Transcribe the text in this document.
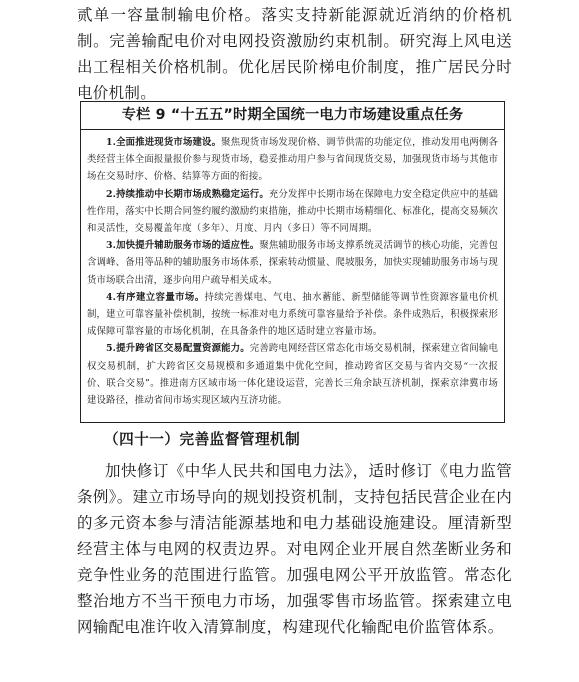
贰单一容量制输电价格。落实支持新能源就近消纳的价格机制。完善输配电价对电网投资激励约束机制。研究海上风电送出工程相关价格机制。优化居民阶梯电价制度，推广居民分时电价机制。

专栏 9 “十五五”时期全国统一电力市场建设重点任务

1.全面推进现货市场建设。聚焦现货市场发现价格、调节供需的功能定位，推动发用电两侧各类经营主体全面报量报价参与现货市场，稳妥推动用户参与省间现货交易，加强现货市场与其他市场在交易时序、价格、结算等方面的衔接。

2.持续推动中长期市场成熟稳定运行。充分发挥中长期市场在保障电力安全稳定供应中的基础性作用，落实中长期合同签约履约激励约束措施，推动中长期市场精细化、标准化，提高交易频次和灵活性，交易覆盖年度（多年）、月度、月内（多日）等不同周期。

3.加快提升辅助服务市场的适应性。聚焦辅助服务市场支撑系统灵活调节的核心功能，完善包含调峰、备用等品种的辅助服务市场体系，探索转动惯量、爬坡服务，加快实现辅助服务市场与现货市场联合出清，逐步向用户疏导相关成本。

4.有序建立容量市场。持续完善煤电、气电、抽水蓄能、新型储能等调节性资源容量电价机制，建立可靠容量补偿机制，按统一标准对电力系统可靠容量给予补偿。条件成熟后，积极探索形成保障可靠容量的市场化机制，在具备条件的地区适时建立容量市场。

5.提升跨省区交易配置资源能力。完善跨电网经营区常态化市场交易机制，探索建立省间输电权交易机制，扩大跨省区交易规模和多通道集中优化空间，推动跨省区交易与省内交易“一次报价、联合交易”。推进南方区域市场一体化建设运营，完善长三角余缺互济机制，探索京津冀市场建设路径，推动省间市场实现区域内互济功能。

（四十一）完善监督管理机制

加快修订《中华人民共和国电力法》，适时修订《电力监管条例》。建立市场导向的规划投资机制，支持包括民营企业在内的多元资本参与清洁能源基地和电力基础设施建设。厘清新型经营主体与电网的权责边界。对电网企业开展自然垄断业务和竞争性业务的范围进行监管。加强电网公平开放监管。常态化整治地方不当干预电力市场，加强零售市场监管。探索建立电网输配电准许收入清算制度，构建现代化输配电价监管体系。
